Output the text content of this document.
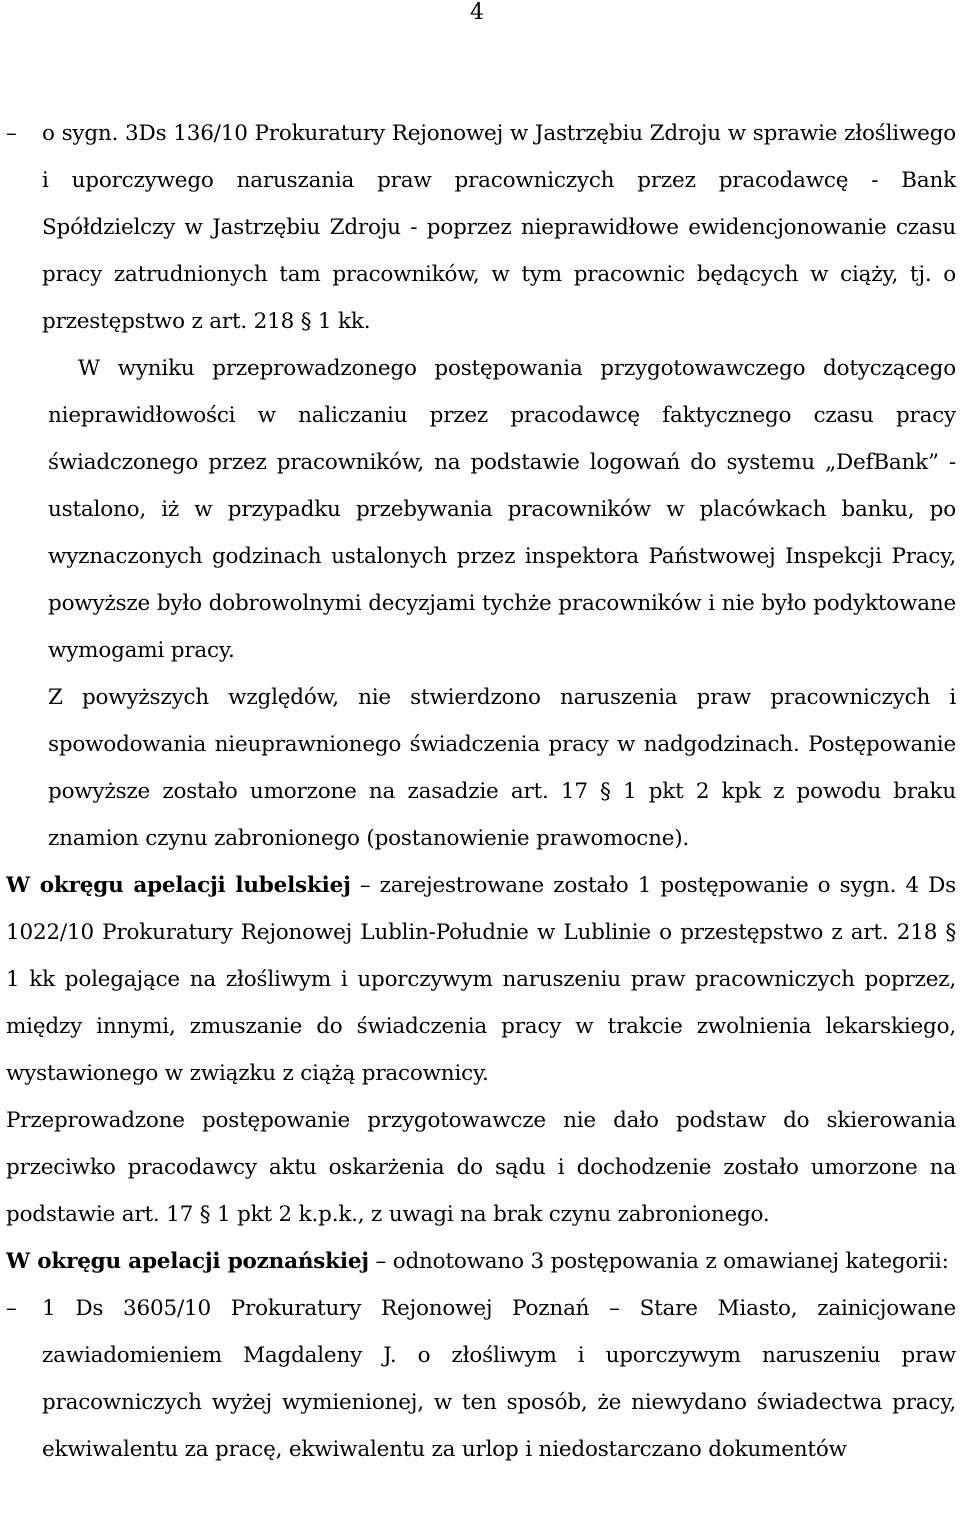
4

–	o sygn. 3Ds 136/10 Prokuratury Rejonowej w Jastrzębiu Zdroju w sprawie złośliwego i uporczywego naruszania praw pracowniczych przez pracodawcę - Bank Spółdzielczy w Jastrzębiu Zdroju - poprzez nieprawidłowe ewidencjonowanie czasu pracy zatrudnionych tam pracowników, w tym pracownic będących w ciąży, tj. o przestępstwo z art. 218 § 1 kk.

W wyniku przeprowadzonego postępowania przygotowawczego dotyczącego nieprawidłowości w naliczaniu przez pracodawcę faktycznego czasu pracy świadczonego przez pracowników, na podstawie logowań do systemu „DefBank” - ustalono, iż w przypadku przebywania pracowników w placówkach banku, po wyznaczonych godzinach ustalonych przez inspektora Państwowej Inspekcji Pracy, powyższe było dobrowolnymi decyzjami tychże pracowników i nie było podyktowane wymogami pracy.

Z powyższych względów, nie stwierdzono naruszenia praw pracowniczych i spowodowania nieuprawnionego świadczenia pracy w nadgodzinach. Postępowanie powyższe zostało umorzone na zasadzie art. 17 § 1 pkt 2 kpk z powodu braku znamion czynu zabronionego (postanowienie prawomocne).

W okręgu apelacji lubelskiej – zarejestrowane zostało 1 postępowanie o sygn. 4 Ds 1022/10 Prokuratury Rejonowej Lublin-Południe w Lublinie o przestępstwo z art. 218 § 1 kk polegające na złośliwym i uporczywym naruszeniu praw pracowniczych poprzez, między innymi, zmuszanie do świadczenia pracy w trakcie zwolnienia lekarskiego, wystawionego w związku z ciążą pracownicy.

Przeprowadzone postępowanie przygotowawcze nie dało podstaw do skierowania przeciwko pracodawcy aktu oskarżenia do sądu i dochodzenie zostało umorzone na podstawie art. 17 § 1 pkt 2 k.p.k., z uwagi na brak czynu zabronionego.

W okręgu apelacji poznańskiej – odnotowano 3 postępowania z omawianej kategorii:

–	1 Ds 3605/10 Prokuratury Rejonowej Poznań – Stare Miasto, zainicjowane zawiadomieniem Magdaleny J. o złośliwym i uporczywym naruszeniu praw pracowniczych wyżej wymienionej, w ten sposób, że niewydano świadectwa pracy, ekwiwalentu za pracę, ekwiwalentu za urlop i niedostarczano dokumentów
